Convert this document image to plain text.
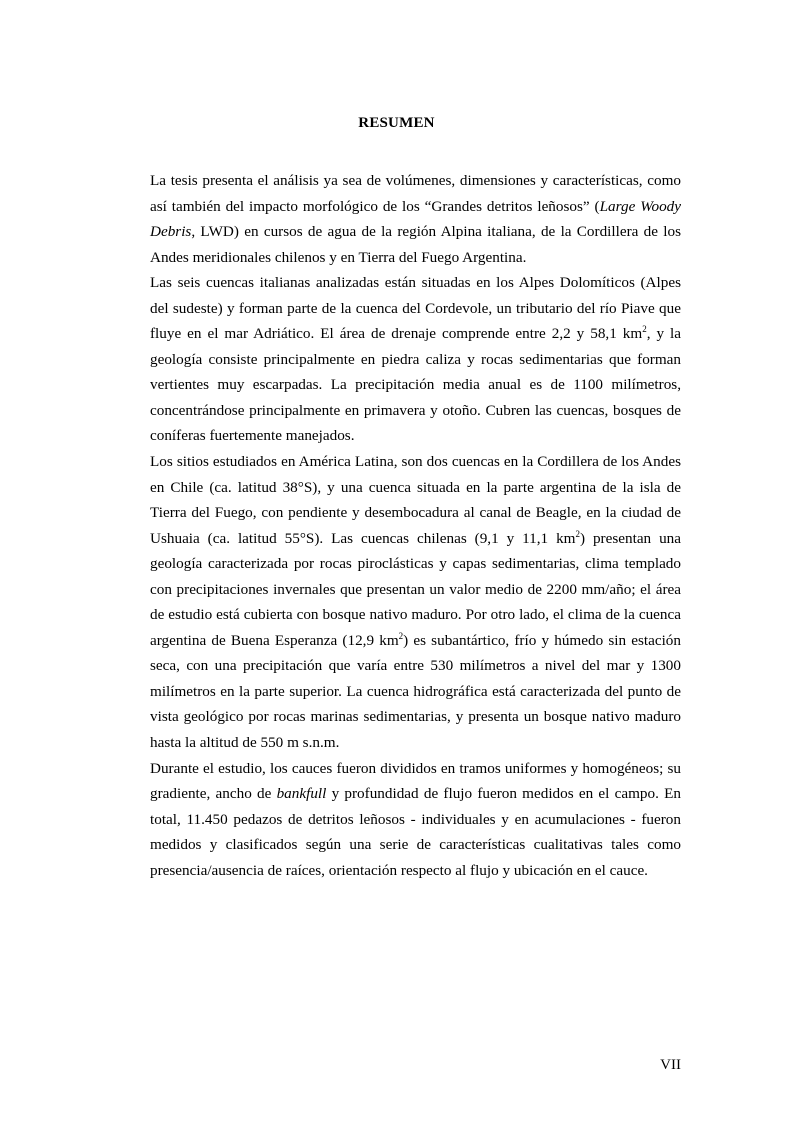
RESUMEN

La tesis presenta el análisis ya sea de volúmenes, dimensiones y características, como así también del impacto morfológico de los “Grandes detritos leñosos” (Large Woody Debris, LWD) en cursos de agua de la región Alpina italiana, de la Cordillera de los Andes meridionales chilenos y en Tierra del Fuego Argentina.

Las seis cuencas italianas analizadas están situadas en los Alpes Dolomíticos (Alpes del sudeste) y forman parte de la cuenca del Cordevole, un tributario del río Piave que fluye en el mar Adriático. El área de drenaje comprende entre 2,2 y 58,1 $km^2$, y la geología consiste principalmente en piedra caliza y rocas sedimentarias que forman vertientes muy escarpadas. La precipitación media anual es de 1100 milímetros, concentrándose principalmente en primavera y otoño. Cubren las cuencas, bosques de coníferas fuertemente manejados.

Los sitios estudiados en América Latina, son dos cuencas en la Cordillera de los Andes en Chile (ca. latitud 38°S), y una cuenca situada en la parte argentina de la isla de Tierra del Fuego, con pendiente y desembocadura al canal de Beagle, en la ciudad de Ushuaia (ca. latitud 55°S). Las cuencas chilenas (9,1 y 11,1 $km^2$) presentan una geología caracterizada por rocas piroclásticas y capas sedimentarias, clima templado con precipitaciones invernales que presentan un valor medio de 2200 mm/año; el área de estudio está cubierta con bosque nativo maduro. Por otro lado, el clima de la cuenca argentina de Buena Esperanza (12,9 $km^2$) es subantártico, frío y húmedo sin estación seca, con una precipitación que varía entre 530 milímetros a nivel del mar y 1300 milímetros en la parte superior. La cuenca hidrográfica está caracterizada del punto de vista geológico por rocas marinas sedimentarias, y presenta un bosque nativo maduro hasta la altitud de 550 m s.n.m.

Durante el estudio, los cauces fueron divididos en tramos uniformes y homogéneos; su gradiente, ancho de bankfull y profundidad de flujo fueron medidos en el campo. En total, 11.450 pedazos de detritos leñosos - individuales y en acumulaciones - fueron medidos y clasificados según una serie de características cualitativas tales como presencia/ausencia de raíces, orientación respecto al flujo y ubicación en el cauce.

VII
